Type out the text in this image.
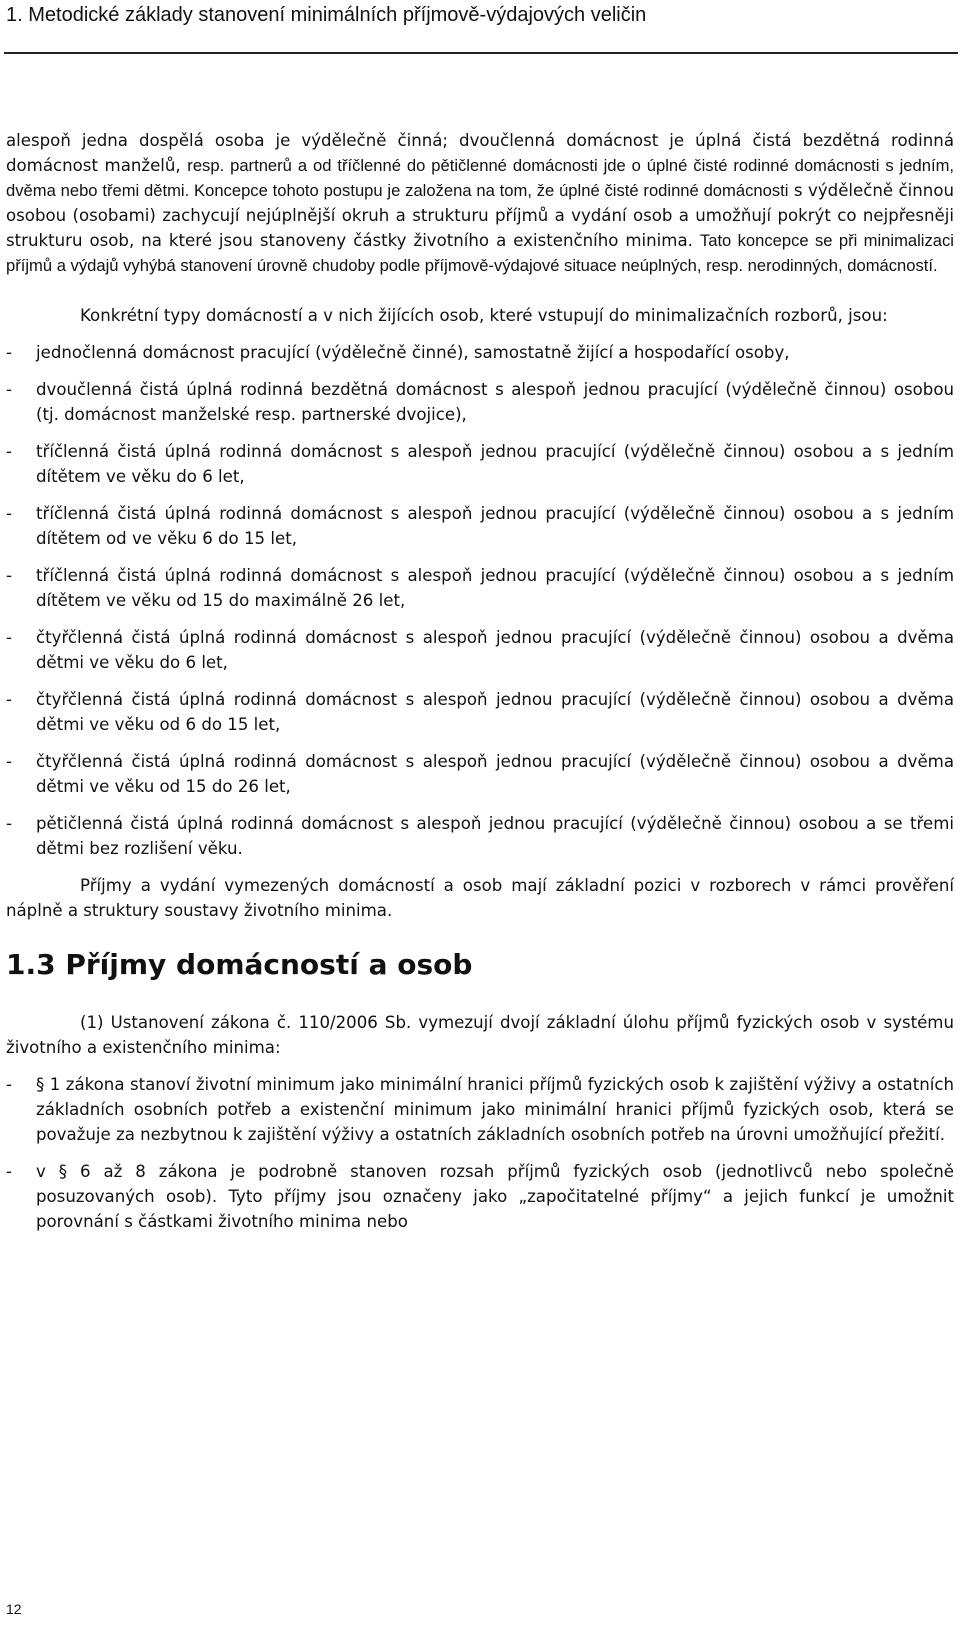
1. Metodické základy stanovení minimálních příjmově-výdajových veličin

alespoň jedna dospělá osoba je výdělečně činná; dvoučlenná domácnost je úplná čistá bezdětná rodinná domácnost manželů, resp. partnerů a od tříčlenné do pětičlenné domácnosti jde o úplné čisté rodinné domácnosti s jedním, dvěma nebo třemi dětmi. Koncepce tohoto postupu je založena na tom, že úplné čisté rodinné domácnosti s výdělečně činnou osobou (osobami) zachycují nejúplnější okruh a strukturu příjmů a vydání osob a umožňují pokrýt co nejpřesněji strukturu osob, na které jsou stanoveny částky životního a existenčního minima. Tato koncepce se při minimalizaci příjmů a výdajů vyhýbá stanovení úrovně chudoby podle příjmově-výdajové situace neúplných, resp. nerodinných, domácností.

Konkrétní typy domácností a v nich žijících osob, které vstupují do minimalizačních rozborů, jsou:

- jednočlenná domácnost pracující (výdělečně činné), samostatně žijící a hospodařící osoby,
- dvoučlenná čistá úplná rodinná bezdětná domácnost s alespoň jednou pracující (výdělečně činnou) osobou (tj. domácnost manželské resp. partnerské dvojice),
- tříčlenná čistá úplná rodinná domácnost s alespoň jednou pracující (výdělečně činnou) osobou a s jedním dítětem ve věku do 6 let,
- tříčlenná čistá úplná rodinná domácnost s alespoň jednou pracující (výdělečně činnou) osobou a s jedním dítětem od ve věku 6 do 15 let,
- tříčlenná čistá úplná rodinná domácnost s alespoň jednou pracující (výdělečně činnou) osobou a s jedním dítětem ve věku od 15 do maximálně 26 let,
- čtyřčlenná čistá úplná rodinná domácnost s alespoň jednou pracující (výdělečně činnou) osobou a dvěma dětmi ve věku do 6 let,
- čtyřčlenná čistá úplná rodinná domácnost s alespoň jednou pracující (výdělečně činnou) osobou a dvěma dětmi ve věku od 6 do 15 let,
- čtyřčlenná čistá úplná rodinná domácnost s alespoň jednou pracující (výdělečně činnou) osobou a dvěma dětmi ve věku od 15 do 26 let,
- pětičlenná čistá úplná rodinná domácnost s alespoň jednou pracující (výdělečně činnou) osobou a se třemi dětmi bez rozlišení věku.

Příjmy a vydání vymezených domácností a osob mají základní pozici v rozborech v rámci prověření náplně a struktury soustavy životního minima.

1.3 Příjmy domácností a osob

(1) Ustanovení zákona č. 110/2006 Sb. vymezují dvojí základní úlohu příjmů fyzických osob v systému životního a existenčního minima:

- § 1 zákona stanoví životní minimum jako minimální hranici příjmů fyzických osob k zajištění výživy a ostatních základních osobních potřeb a existenční minimum jako minimální hranici příjmů fyzických osob, která se považuje za nezbytnou k zajištění výživy a ostatních základních osobních potřeb na úrovni umožňující přežití.
- v § 6 až 8 zákona je podrobně stanoven rozsah příjmů fyzických osob (jednotlivců nebo společně posuzovaných osob). Tyto příjmy jsou označeny jako „započitatelné příjmy“ a jejich funkcí je umožnit porovnání s částkami životního minima nebo
12
